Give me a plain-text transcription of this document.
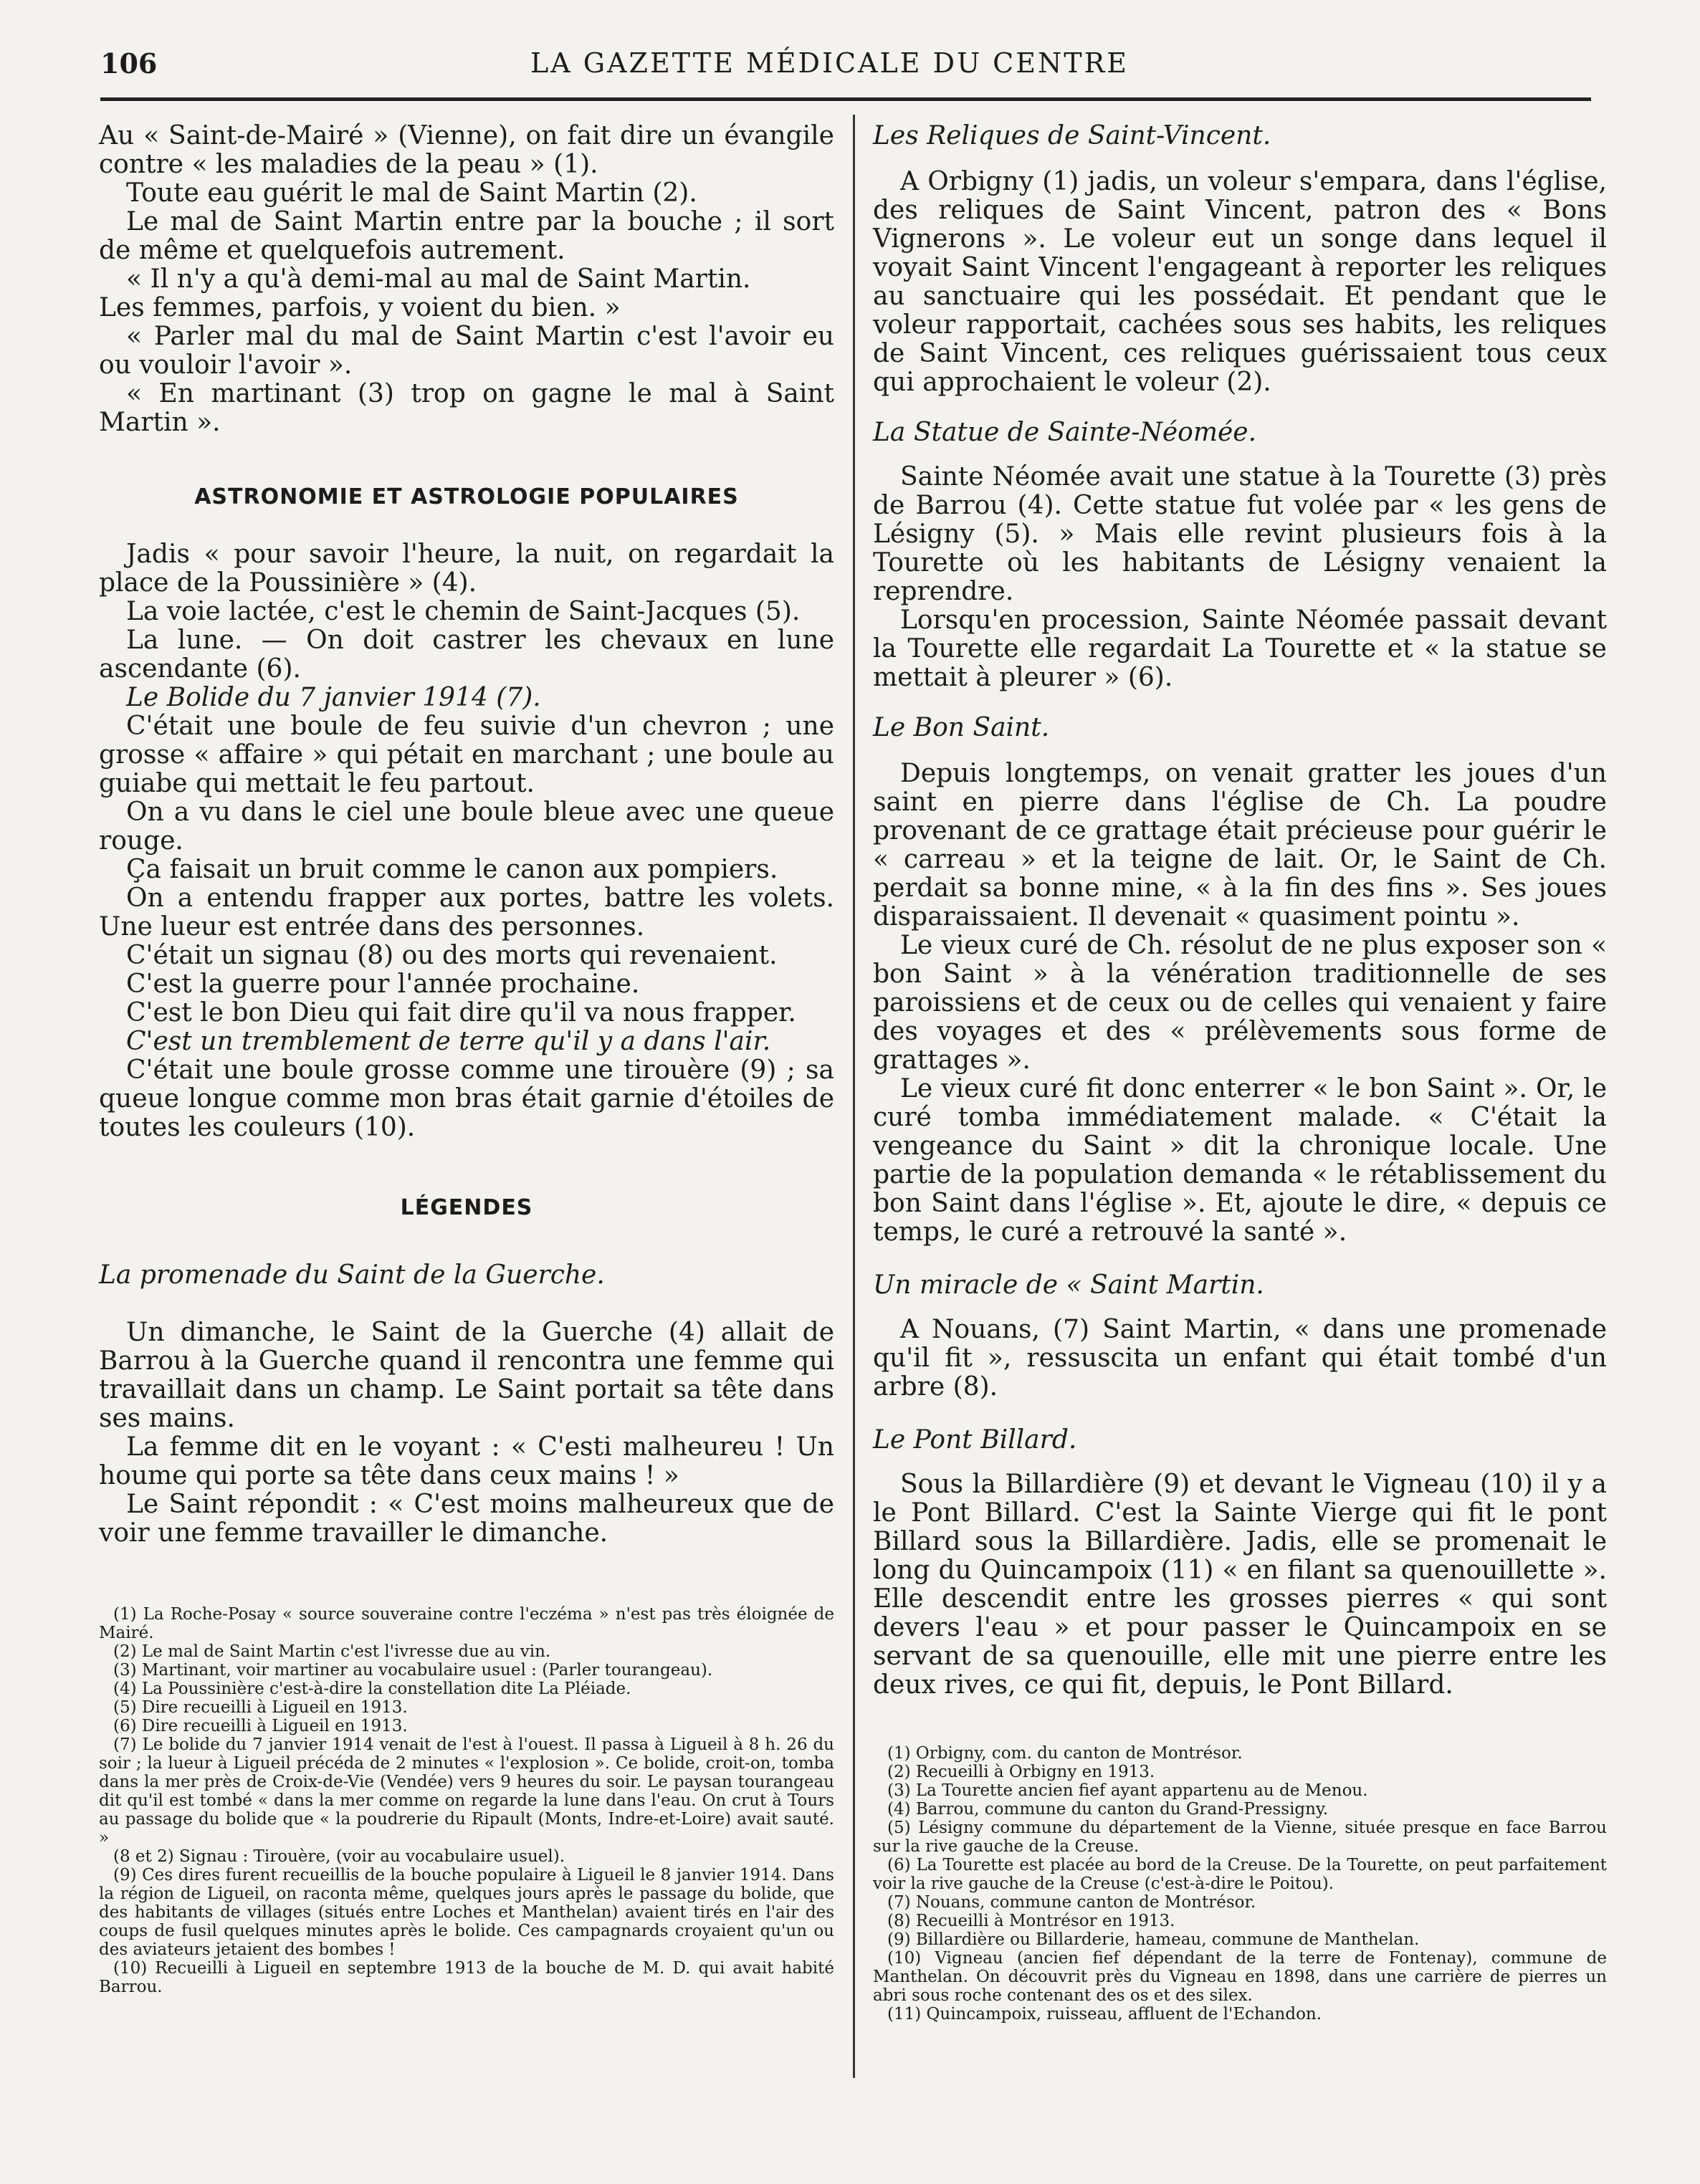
106	LA GAZETTE MÉDICALE DU CENTRE

Au « Saint-de-Mairé » (Vienne), on fait dire un évangile contre « les maladies de la peau » (1).

Toute eau guérit le mal de Saint Martin (2).

Le mal de Saint Martin entre par la bouche ; il sort de même et quelquefois autrement.

« Il n'y a qu'à demi-mal au mal de Saint Martin.

Les femmes, parfois, y voient du bien. »

« Parler mal du mal de Saint Martin c'est l'avoir eu ou vouloir l'avoir ».

« En martinant (3) trop on gagne le mal à Saint Martin ».

ASTRONOMIE ET ASTROLOGIE POPULAIRES

Jadis « pour savoir l'heure, la nuit, on regardait la place de la Poussinière » (4).

La voie lactée, c'est le chemin de Saint-Jacques (5).

La lune. — On doit castrer les chevaux en lune ascendante (6).

Le Bolide du 7 janvier 1914 (7).

C'était une boule de feu suivie d'un chevron ; une grosse « affaire » qui pétait en marchant ; une boule au guiabe qui mettait le feu partout.

On a vu dans le ciel une boule bleue avec une queue rouge.

Ça faisait un bruit comme le canon aux pompiers.

On a entendu frapper aux portes, battre les volets. Une lueur est entrée dans des personnes.

C'était un signau (8) ou des morts qui revenaient.

C'est la guerre pour l'année prochaine.

C'est le bon Dieu qui fait dire qu'il va nous frapper.

C'est un tremblement de terre qu'il y a dans l'air.

C'était une boule grosse comme une tirouère (9) ; sa queue longue comme mon bras était garnie d'étoiles de toutes les couleurs (10).

LÉGENDES

La promenade du Saint de la Guerche.

Un dimanche, le Saint de la Guerche (4) allait de Barrou à la Guerche quand il rencontra une femme qui travaillait dans un champ. Le Saint portait sa tête dans ses mains.

La femme dit en le voyant : « C'esti malheureu ! Un houme qui porte sa tête dans ceux mains ! »

Le Saint répondit : « C'est moins malheureux que de voir une femme travailler le dimanche.

(1) La Roche-Posay « source souveraine contre l'eczéma » n'est pas très éloignée de Mairé.

(2) Le mal de Saint Martin c'est l'ivresse due au vin.

(3) Martinant, voir martiner au vocabulaire usuel : (Parler tourangeau).

(4) La Poussinière c'est-à-dire la constellation dite La Pléiade.

(5) Dire recueilli à Ligueil en 1913.

(6) Dire recueilli à Ligueil en 1913.

(7) Le bolide du 7 janvier 1914 venait de l'est à l'ouest. Il passa à Ligueil à 8 h. 26 du soir ; la lueur à Ligueil précéda de 2 minutes « l'explosion ». Ce bolide, croit-on, tomba dans la mer près de Croix-de-Vie (Vendée) vers 9 heures du soir. Le paysan tourangeau dit qu'il est tombé « dans la mer comme on regarde la lune dans l'eau. On crut à Tours au passage du bolide que « la poudrerie du Ripault (Monts, Indre-et-Loire) avait sauté. »

(8 et 2) Signau : Tirouère, (voir au vocabulaire usuel).

(9) Ces dires furent recueillis de la bouche populaire à Ligueil le 8 janvier 1914. Dans la région de Ligueil, on raconta même, quelques jours après le passage du bolide, que des habitants de villages (situés entre Loches et Manthelan) avaient tirés en l'air des coups de fusil quelques minutes après le bolide. Ces campagnards croyaient qu'un ou des aviateurs jetaient des bombes !

(10) Recueilli à Ligueil en septembre 1913 de la bouche de M. D. qui avait habité Barrou.

Les Reliques de Saint-Vincent.

A Orbigny (1) jadis, un voleur s'empara, dans l'église, des reliques de Saint Vincent, patron des « Bons Vignerons ». Le voleur eut un songe dans lequel il voyait Saint Vincent l'engageant à reporter les reliques au sanctuaire qui les possédait. Et pendant que le voleur rapportait, cachées sous ses habits, les reliques de Saint Vincent, ces reliques guérissaient tous ceux qui approchaient le voleur (2).

La Statue de Sainte-Néomée.

Sainte Néomée avait une statue à la Tourette (3) près de Barrou (4). Cette statue fut volée par « les gens de Lésigny (5). » Mais elle revint plusieurs fois à la Tourette où les habitants de Lésigny venaient la reprendre.

Lorsqu'en procession, Sainte Néomée passait devant la Tourette elle regardait La Tourette et « la statue se mettait à pleurer » (6).

Le Bon Saint.

Depuis longtemps, on venait gratter les joues d'un saint en pierre dans l'église de Ch. La poudre provenant de ce grattage était précieuse pour guérir le « carreau » et la teigne de lait. Or, le Saint de Ch. perdait sa bonne mine, « à la fin des fins ». Ses joues disparaissaient. Il devenait « quasiment pointu ».

Le vieux curé de Ch. résolut de ne plus exposer son « bon Saint » à la vénération traditionnelle de ses paroissiens et de ceux ou de celles qui venaient y faire des voyages et des « prélèvements sous forme de grattages ».

Le vieux curé fit donc enterrer « le bon Saint ». Or, le curé tomba immédiatement malade. « C'était la vengeance du Saint » dit la chronique locale. Une partie de la population demanda « le rétablissement du bon Saint dans l'église ». Et, ajoute le dire, « depuis ce temps, le curé a retrouvé la santé ».

Un miracle de « Saint Martin.

A Nouans, (7) Saint Martin, « dans une promenade qu'il fit », ressuscita un enfant qui était tombé d'un arbre (8).

Le Pont Billard.

Sous la Billardière (9) et devant le Vigneau (10) il y a le Pont Billard. C'est la Sainte Vierge qui fit le pont Billard sous la Billardière. Jadis, elle se promenait le long du Quincampoix (11) « en filant sa quenouillette ». Elle descendit entre les grosses pierres « qui sont devers l'eau » et pour passer le Quincampoix en se servant de sa quenouille, elle mit une pierre entre les deux rives, ce qui fit, depuis, le Pont Billard.

(1) Orbigny, com. du canton de Montrésor.

(2) Recueilli à Orbigny en 1913.

(3) La Tourette ancien fief ayant appartenu au de Menou.

(4) Barrou, commune du canton du Grand-Pressigny.

(5) Lésigny commune du département de la Vienne, située presque en face Barrou sur la rive gauche de la Creuse.

(6) La Tourette est placée au bord de la Creuse. De la Tourette, on peut parfaitement voir la rive gauche de la Creuse (c'est-à-dire le Poitou).

(7) Nouans, commune canton de Montrésor.

(8) Recueilli à Montrésor en 1913.

(9) Billardière ou Billarderie, hameau, commune de Manthelan.

(10) Vigneau (ancien fief dépendant de la terre de Fontenay), commune de Manthelan. On découvrit près du Vigneau en 1898, dans une carrière de pierres un abri sous roche contenant des os et des silex.

(11) Quincampoix, ruisseau, affluent de l'Echandon.
